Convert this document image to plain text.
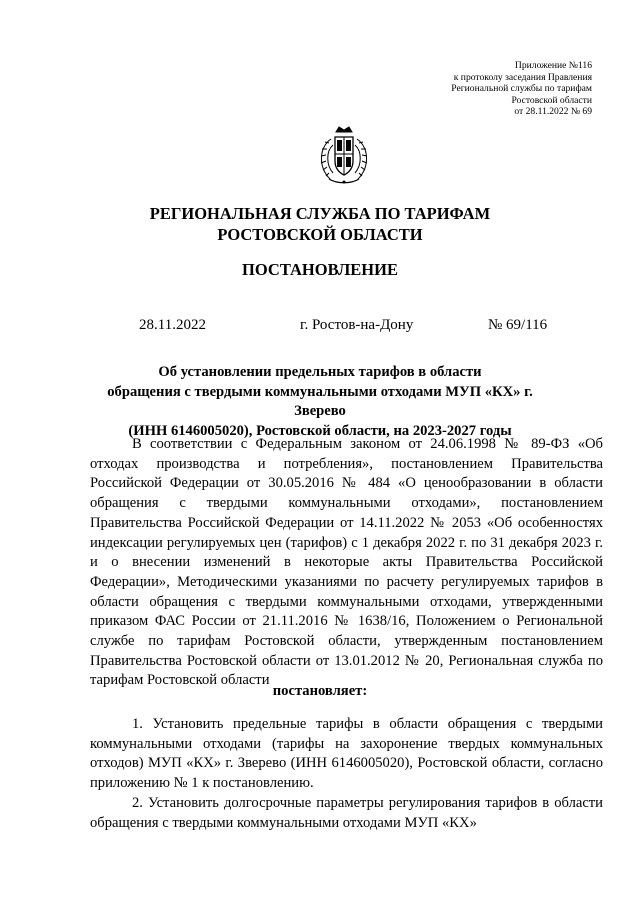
Приложение №116
к протоколу заседания Правления
Региональной службы по тарифам
Ростовской области
от 28.11.2022 № 69
РЕГИОНАЛЬНАЯ СЛУЖБА ПО ТАРИФАМ
РОСТОВСКОЙ ОБЛАСТИ
ПОСТАНОВЛЕНИЕ
28.11.2022	г. Ростов-на-Дону	№ 69/116
Об установлении предельных тарифов в области
обращения с твердыми коммунальными отходами МУП «КХ» г. Зверево
(ИНН 6146005020), Ростовской области, на 2023-2027 годы

В соответствии с Федеральным законом от 24.06.1998 № 89-ФЗ «Об отходах производства и потребления», постановлением Правительства Российской Федерации от 30.05.2016 № 484 «О ценообразовании в области обращения с твердыми коммунальными отходами», постановлением Правительства Российской Федерации от 14.11.2022 № 2053 «Об особенностях индексации регулируемых цен (тарифов) с 1 декабря 2022 г. по 31 декабря 2023 г. и о внесении изменений в некоторые акты Правительства Российской Федерации», Методическими указаниями по расчету регулируемых тарифов в области обращения с твердыми коммунальными отходами, утвержденными приказом ФАС России от 21.11.2016 № 1638/16, Положением о Региональной службе по тарифам Ростовской области, утвержденным постановлением Правительства Ростовской области от 13.01.2012 № 20, Региональная служба по тарифам Ростовской области

постановляет:

1. Установить предельные тарифы в области обращения с твердыми коммунальными отходами (тарифы на захоронение твердых коммунальных отходов) МУП «КХ» г. Зверево (ИНН 6146005020), Ростовской области, согласно приложению № 1 к постановлению.

2. Установить долгосрочные параметры регулирования тарифов в области обращения с твердыми коммунальными отходами МУП «КХ»
